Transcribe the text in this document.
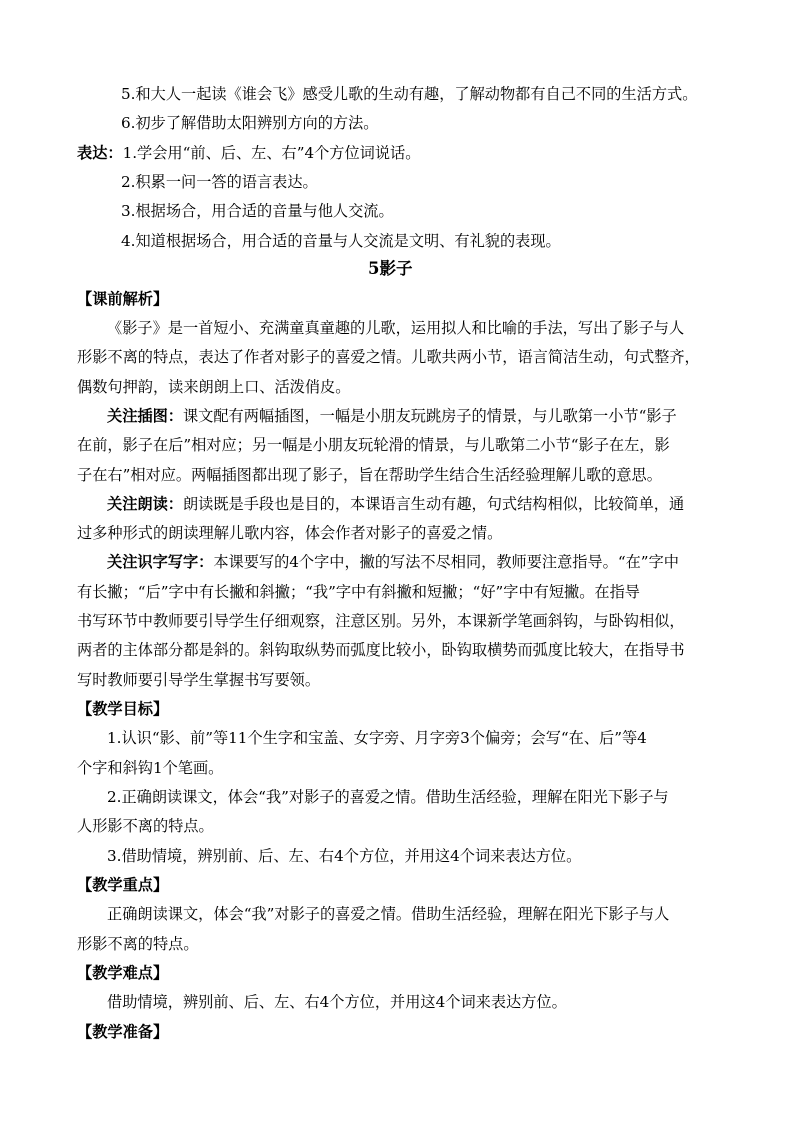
5.和大人一起读《谁会飞》感受儿歌的生动有趣，了解动物都有自己不同的生活方式。
6.初步了解借助太阳辨别方向的方法。
表达：1.学会用“前、后、左、右”4个方位词说话。
2.积累一问一答的语言表达。
3.根据场合，用合适的音量与他人交流。
4.知道根据场合，用合适的音量与人交流是文明、有礼貌的表现。
5影子
【课前解析】
《影子》是一首短小、充满童真童趣的儿歌，运用拟人和比喻的手法，写出了影子与人
形影不离的特点，表达了作者对影子的喜爱之情。儿歌共两小节，语言简洁生动，句式整齐，
偶数句押韵，读来朗朗上口、活泼俏皮。
关注插图：课文配有两幅插图，一幅是小朋友玩跳房子的情景，与儿歌第一小节“影子
在前，影子在后”相对应；另一幅是小朋友玩轮滑的情景，与儿歌第二小节“影子在左，影
子在右”相对应。两幅插图都出现了影子，旨在帮助学生结合生活经验理解儿歌的意思。
关注朗读：朗读既是手段也是目的，本课语言生动有趣，句式结构相似，比较简单，通
过多种形式的朗读理解儿歌内容，体会作者对影子的喜爱之情。
关注识字写字：本课要写的4个字中，撇的写法不尽相同，教师要注意指导。“在”字中
有长撇；“后”字中有长撇和斜撇；“我”字中有斜撇和短撇；“好”字中有短撇。在指导
书写环节中教师要引导学生仔细观察，注意区别。另外，本课新学笔画斜钩，与卧钩相似，
两者的主体部分都是斜的。斜钩取纵势而弧度比较小，卧钩取横势而弧度比较大，在指导书
写时教师要引导学生掌握书写要领。
【教学目标】
1.认识“影、前”等11个生字和宝盖、女字旁、月字旁3个偏旁；会写“在、后”等4
个字和斜钩1个笔画。
2.正确朗读课文，体会“我”对影子的喜爱之情。借助生活经验，理解在阳光下影子与
人形影不离的特点。
3.借助情境，辨别前、后、左、右4个方位，并用这4个词来表达方位。
【教学重点】
正确朗读课文，体会“我”对影子的喜爱之情。借助生活经验，理解在阳光下影子与人
形影不离的特点。
【教学难点】
借助情境，辨别前、后、左、右4个方位，并用这4个词来表达方位。
【教学准备】
